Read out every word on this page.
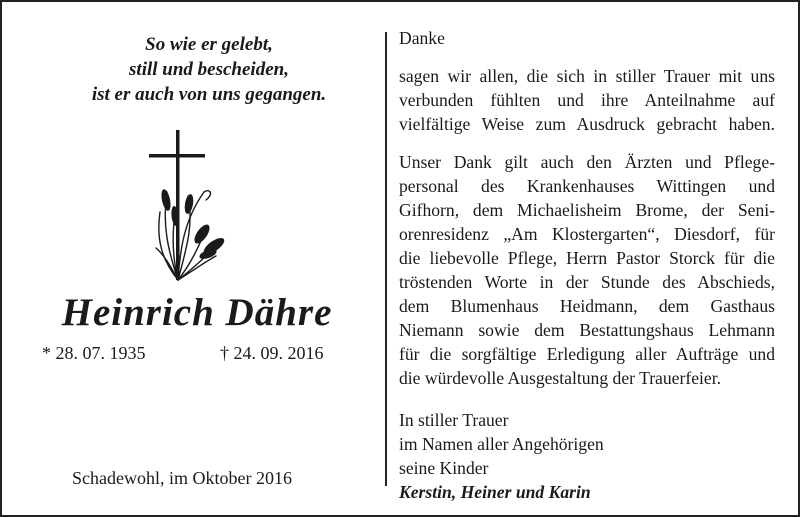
So wie er gelebt,
still und bescheiden,
ist er auch von uns gegangen.
Heinrich Dähre
* 28. 07. 1935	† 24. 09. 2016
Schadewohl, im Oktober 2016
Danke
sagen wir allen, die sich in stiller Trauer mit uns
verbunden fühlten und ihre Anteilnahme auf
vielfältige Weise zum Ausdruck gebracht haben.
Unser Dank gilt auch den Ärzten und Pflege-
personal des Krankenhauses Wittingen und
Gifhorn, dem Michaelisheim Brome, der Seni-
orenresidenz „Am Klostergarten“, Diesdorf, für
die liebevolle Pflege, Herrn Pastor Storck für die
tröstenden Worte in der Stunde des Abschieds,
dem Blumenhaus Heidmann, dem Gasthaus
Niemann sowie dem Bestattungshaus Lehmann
für die sorgfältige Erledigung aller Aufträge und
die würdevolle Ausgestaltung der Trauerfeier.
In stiller Trauer
im Namen aller Angehörigen
seine Kinder
Kerstin, Heiner und Karin
